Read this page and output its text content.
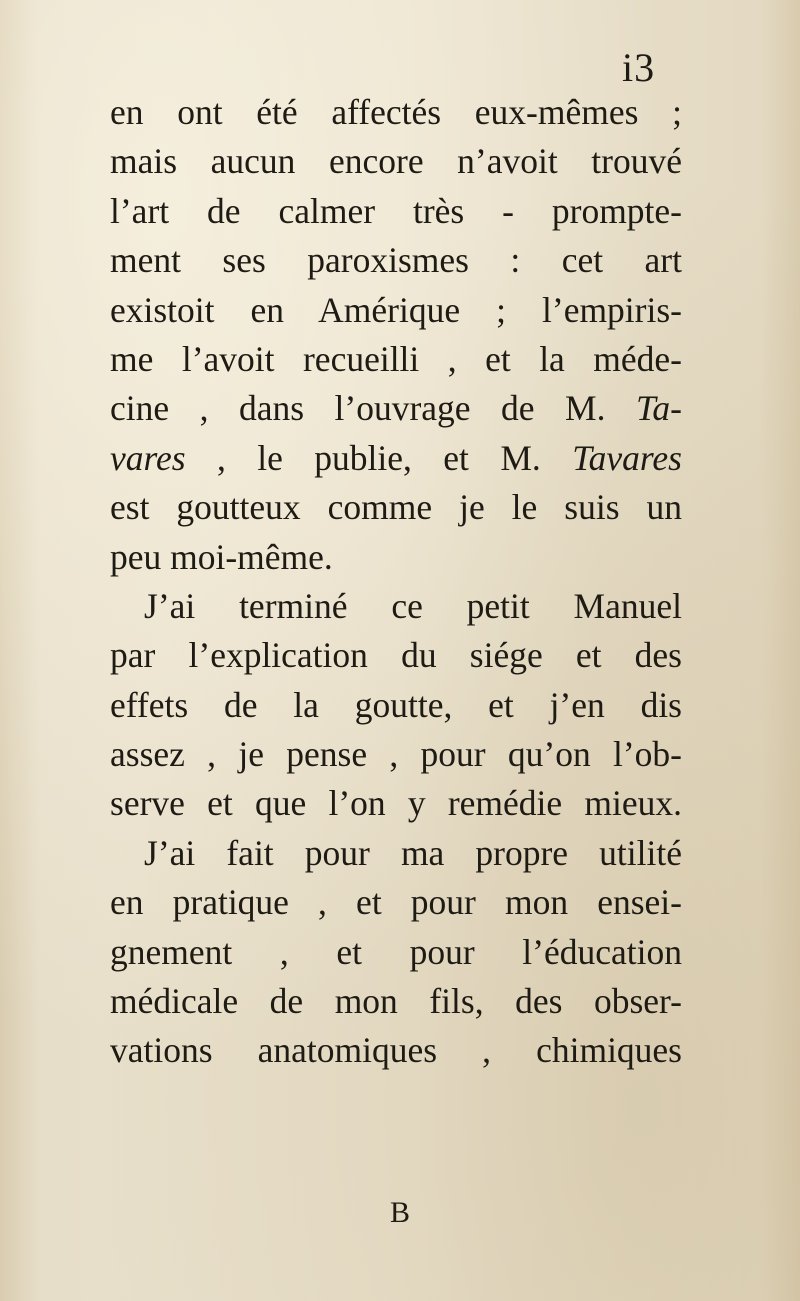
i3
en ont été affectés eux-mêmes ;
mais aucun encore n’avoit trouvé
l’art de calmer très - prompte-
ment ses paroxismes : cet art
existoit en Amérique ; l’empiris-
me l’avoit recueilli , et la méde-
cine , dans l’ouvrage de M. Ta-
vares , le publie, et M. Tavares
est goutteux comme je le suis un
peu moi-même.
J’ai terminé ce petit Manuel
par l’explication du siége et des
effets de la goutte, et j’en dis
assez , je pense , pour qu’on l’ob-
serve et que l’on y remédie mieux.
J’ai fait pour ma propre utilité
en pratique , et pour mon ensei-
gnement , et pour l’éducation
médicale de mon fils, des obser-
vations anatomiques , chimiques
B
